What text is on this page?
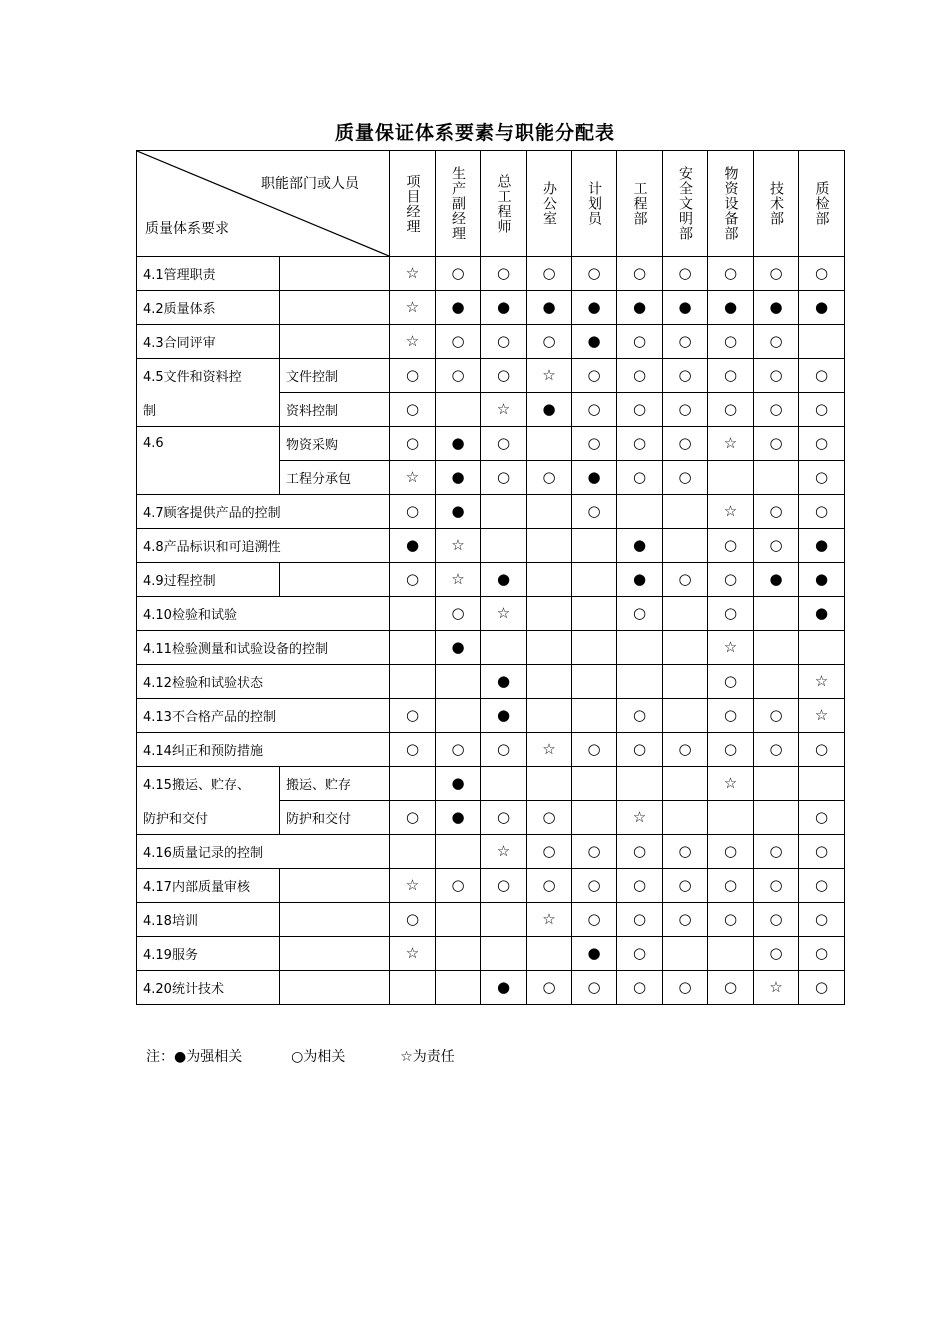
质量保证体系要素与职能分配表
职能部门或人员
质量体系要求		项目经理	生产副经理	总工程师	办公室	计划员	工程部	安全文明部	物资设备部	技术部	质检部
4.1管理职责		☆	○	○	○	○	○	○	○	○	○
4.2质量体系		☆	●	●	●	●	●	●	●	●	●
4.3合同评审		☆	○	○	○	●	○	○	○	○	
4.5文件和资料控	文件控制	○	○	○	☆	○	○	○	○	○	○
制	资料控制	○		☆	●	○	○	○	○	○	○
4.6	物资采购	○	●	○		○	○	○	☆	○	○
	工程分承包	☆	●	○	○	●	○	○			○
4.7顾客提供产品的控制		○	●			○			☆	○	○
4.8产品标识和可追溯性		●	☆				●		○	○	●
4.9过程控制		○	☆	●			●	○	○	●	●
4.10检验和试验			○	☆			○		○		●
4.11检验测量和试验设备的控制			●						☆		
4.12检验和试验状态				●					○		☆
4.13不合格产品的控制		○		●			○		○	○	☆
4.14纠正和预防措施		○	○	○	☆	○	○	○	○	○	○
4.15搬运、贮存、	搬运、贮存		●						☆		
防护和交付	防护和交付	○	●	○	○		☆				○
4.16质量记录的控制				☆	○	○	○	○	○	○	○
4.17内部质量审核		☆	○	○	○	○	○	○	○	○	○
4.18培训		○			☆	○	○	○	○	○	○
4.19服务		☆				●	○			○	○
4.20统计技术				●	○	○	○	○	○	☆	○
注：●为强相关	○为相关	☆为责任
